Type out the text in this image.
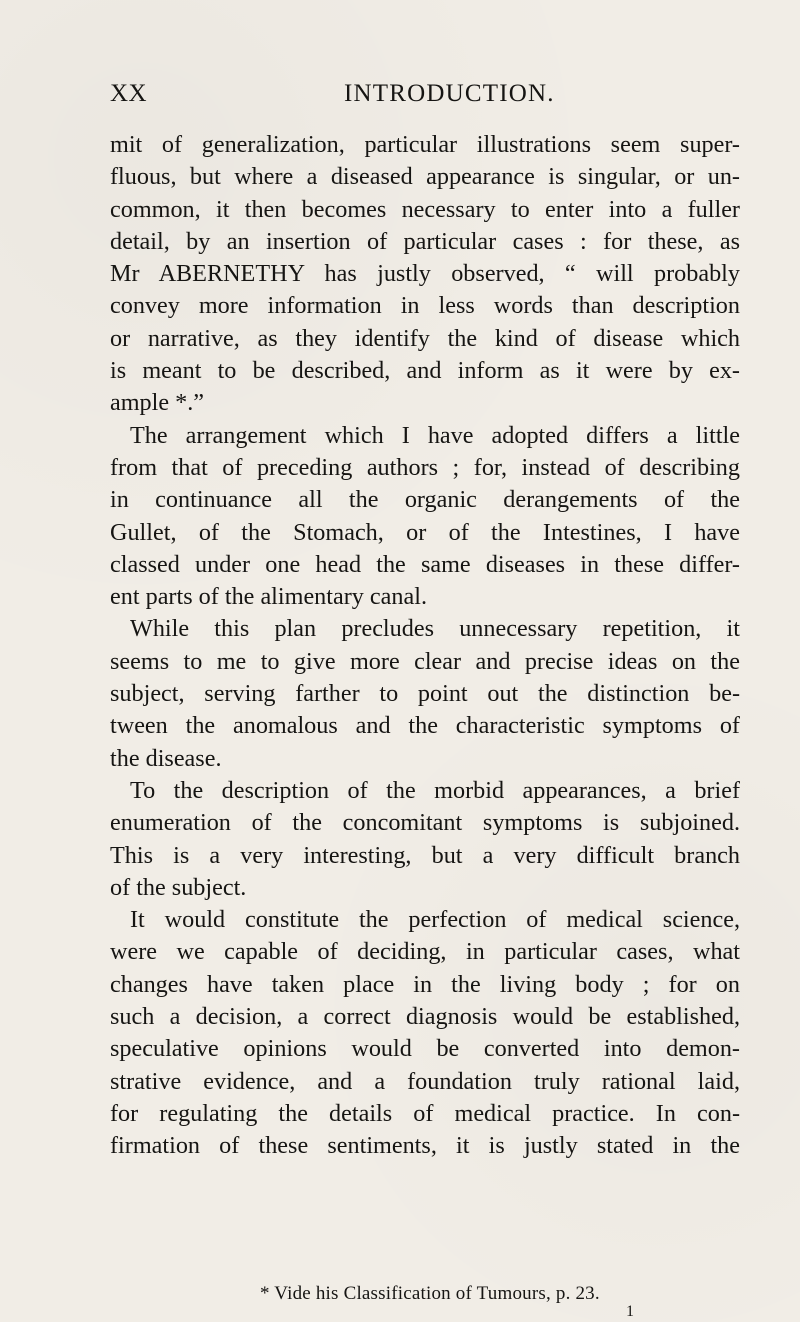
XX	INTRODUCTION.
mit of generalization, particular illustrations seem super-
fluous, but where a diseased appearance is singular, or un-
common, it then becomes necessary to enter into a fuller
detail, by an insertion of particular cases : for these, as
Mr ABERNETHY has justly observed, “ will probably
convey more information in less words than description
or narrative, as they identify the kind of disease which
is meant to be described, and inform as it were by ex-
ample *.”
The arrangement which I have adopted differs a little
from that of preceding authors ; for, instead of describing
in continuance all the organic derangements of the
Gullet, of the Stomach, or of the Intestines, I have
classed under one head the same diseases in these differ-
ent parts of the alimentary canal.
While this plan precludes unnecessary repetition, it
seems to me to give more clear and precise ideas on the
subject, serving farther to point out the distinction be-
tween the anomalous and the characteristic symptoms of
the disease.
To the description of the morbid appearances, a brief
enumeration of the concomitant symptoms is subjoined.
This is a very interesting, but a very difficult branch
of the subject.
It would constitute the perfection of medical science,
were we capable of deciding, in particular cases, what
changes have taken place in the living body ; for on
such a decision, a correct diagnosis would be established,
speculative opinions would be converted into demon-
strative evidence, and a foundation truly rational laid,
for regulating the details of medical practice. In con-
firmation of these sentiments, it is justly stated in the
* Vide his Classification of Tumours, p. 23.
1
